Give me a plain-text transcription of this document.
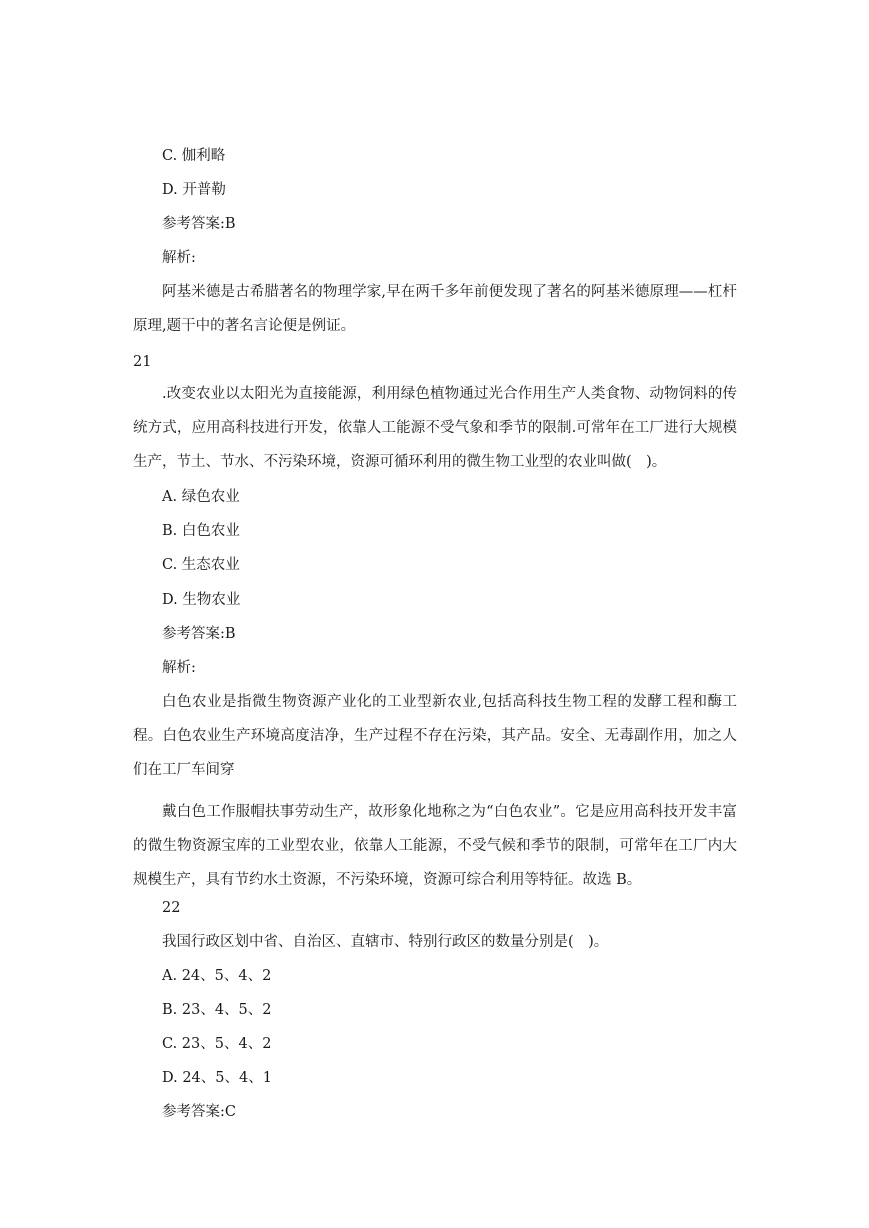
C. 伽利略
D. 开普勒
参考答案:B
解析:

阿基米德是古希腊著名的物理学家,早在两千多年前便发现了著名的阿基米德原理——杠杆原理,题干中的著名言论便是例证。

21

.改变农业以太阳光为直接能源，利用绿色植物通过光合作用生产人类食物、动物饲料的传统方式，应用高科技进行开发，依靠人工能源不受气象和季节的限制.可常年在工厂进行大规模生产，节土、节水、不污染环境，资源可循环利用的微生物工业型的农业叫做(　)。

A. 绿色农业
B. 白色农业
C. 生态农业
D. 生物农业
参考答案:B
解析:

白色农业是指微生物资源产业化的工业型新农业,包括高科技生物工程的发酵工程和酶工程。白色农业生产环境高度洁净，生产过程不存在污染，其产品。安全、无毒副作用，加之人们在工厂车间穿

戴白色工作服帽扶事劳动生产，故形象化地称之为“白色农业”。它是应用高科技开发丰富的微生物资源宝库的工业型农业，依靠人工能源，不受气候和季节的限制，可常年在工厂内大规模生产，具有节约水土资源，不污染环境，资源可综合利用等特征。故选 B。

22
我国行政区划中省、自治区、直辖市、特别行政区的数量分别是(　)。
A. 24、5、4、2
B. 23、4、5、2
C. 23、5、4、2
D. 24、5、4、1
参考答案:C
